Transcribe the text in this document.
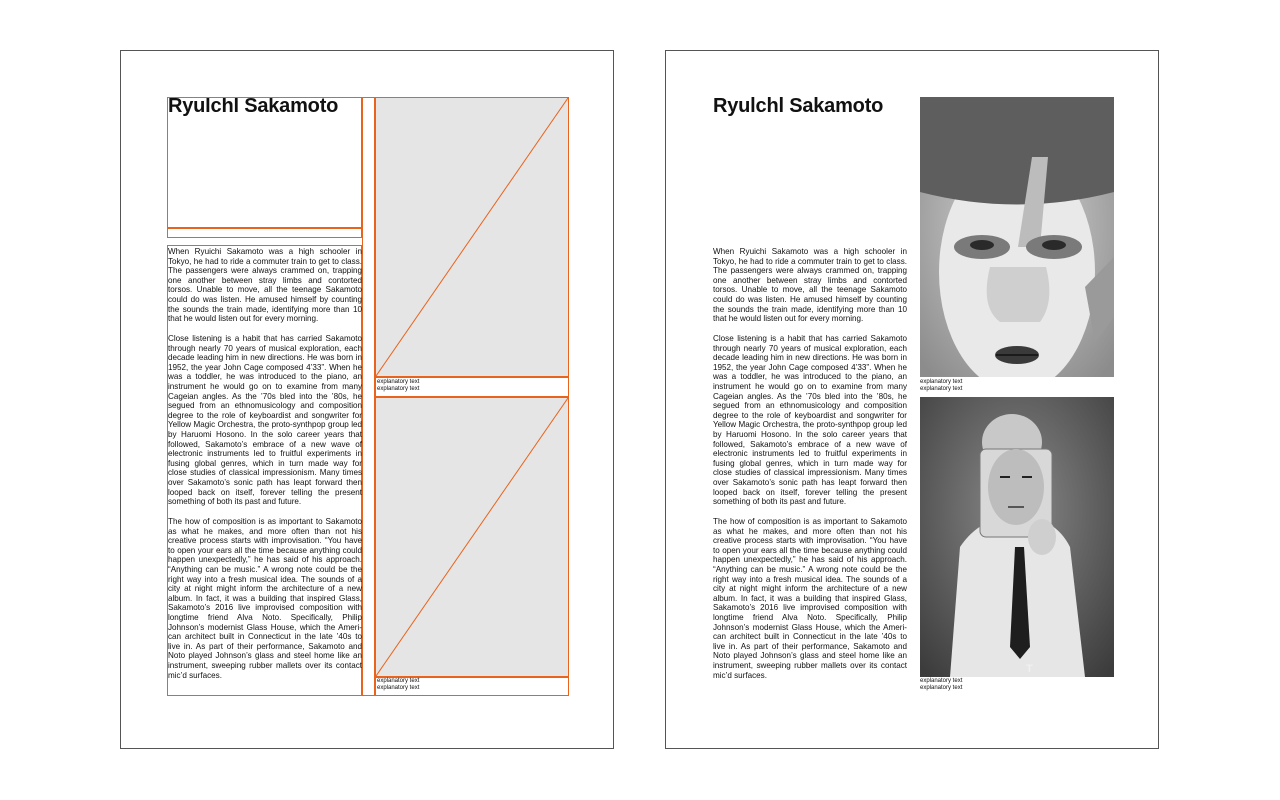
Ryulchl Sakamoto
explanatory text
explanatory text
explanatory text
explanatory text

When Ryuichi Sakamoto was a high schooler in Tokyo, he had to ride a commuter train to get to class. The passengers were always crammed on, trapping one another between stray limbs and contorted torsos. Unable to move, all the teenage Sakamoto could do was listen. He amused himself by counting the sounds the train made, identifying more than 10 that he would listen out for every morning.

Close listening is a habit that has carried Sakamoto through nearly 70 years of musical exploration, each decade leading him in new directions. He was born in 1952, the year John Cage composed 4’33”. When he was a toddler, he was introduced to the piano, an instrument he would go on to examine from many Cageian angles. As the ’70s bled into the ’80s, he segued from an ethnomusicology and composition degree to the role of keyboardist and songwriter for Yellow Magic Orchestra, the proto-synthpop group led by Haruomi Hosono. In the solo career years that followed, Sakamoto’s embrace of a new wave of electronic instruments led to fruitful experiments in fusing global genres, which in turn made way for close studies of classical impressionism. Many times over Sakamoto’s sonic path has leapt forward then looped back on itself, forever telling the present something of both its past and future.

The how of composition is as important to Sakamoto as what he makes, and more often than not his creative process starts with improvisation. “You have to open your ears all the time because anything could happen unexpectedly,” he has said of his approach. “Anything can be music.” A wrong note could be the right way into a fresh musical idea. The sounds of a city at night might inform the architecture of a new album. In fact, it was a building that inspired Glass, Sakamoto’s 2016 live improvised composition with longtime friend Alva Noto. Specifically, Philip Johnson’s modernist Glass House, which the Ameri-can architect built in Connecticut in the late ’40s to live in. As part of their performance, Sakamoto and Noto played Johnson’s glass and steel home like an instrument, sweeping rubber mallets over its contact mic’d surfaces.

Ryulchl Sakamoto
explanatory text
explanatory text
T
explanatory text
explanatory text

When Ryuichi Sakamoto was a high schooler in Tokyo, he had to ride a commuter train to get to class. The passengers were always crammed on, trapping one another between stray limbs and contorted torsos. Unable to move, all the teenage Sakamoto could do was listen. He amused himself by counting the sounds the train made, identifying more than 10 that he would listen out for every morning.

Close listening is a habit that has carried Sakamoto through nearly 70 years of musical exploration, each decade leading him in new directions. He was born in 1952, the year John Cage composed 4’33”. When he was a toddler, he was introduced to the piano, an instrument he would go on to examine from many Cageian angles. As the ’70s bled into the ’80s, he segued from an ethnomusicology and composition degree to the role of keyboardist and songwriter for Yellow Magic Orchestra, the proto-synthpop group led by Haruomi Hosono. In the solo career years that followed, Sakamoto’s embrace of a new wave of electronic instruments led to fruitful experiments in fusing global genres, which in turn made way for close studies of classical impressionism. Many times over Sakamoto’s sonic path has leapt forward then looped back on itself, forever telling the present something of both its past and future.

The how of composition is as important to Sakamoto as what he makes, and more often than not his creative process starts with improvisation. “You have to open your ears all the time because anything could happen unexpectedly,” he has said of his approach. “Anything can be music.” A wrong note could be the right way into a fresh musical idea. The sounds of a city at night might inform the architecture of a new album. In fact, it was a building that inspired Glass, Sakamoto’s 2016 live improvised composition with longtime friend Alva Noto. Specifically, Philip Johnson’s modernist Glass House, which the Ameri-can architect built in Connecticut in the late ’40s to live in. As part of their performance, Sakamoto and Noto played Johnson’s glass and steel home like an instrument, sweeping rubber mallets over its contact mic’d surfaces.
